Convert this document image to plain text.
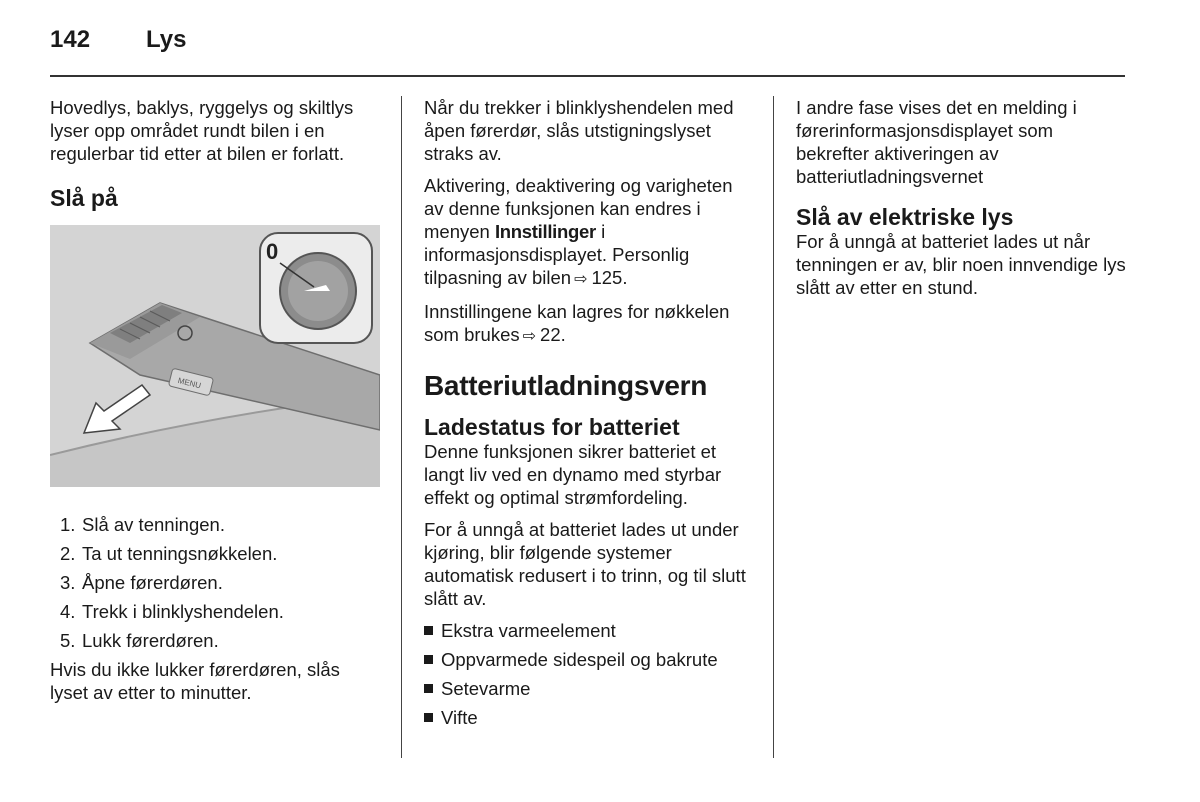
142 Lys

Hovedlys, baklys, ryggelys og skiltlys lyser opp området rundt bilen i en regulerbar tid etter at bilen er forlatt.

Slå på
MENU
0
1. Slå av tenningen.
2. Ta ut tenningsnøkkelen.
3. Åpne førerdøren.
4. Trekk i blinklyshendelen.
5. Lukk førerdøren.

Hvis du ikke lukker førerdøren, slås lyset av etter to minutter.

Når du trekker i blinklyshendelen med åpen førerdør, slås utstigningslyset straks av.

Aktivering, deaktivering og varigheten av denne funksjonen kan endres i menyen Innstillinger i informasjonsdisplayet. Personlig tilpasning av bilen ⇨ 125.

Innstillingene kan lagres for nøkkelen som brukes ⇨ 22.

Batteriutladningsvern
Ladestatus for batteriet

Denne funksjonen sikrer batteriet et langt liv ved en dynamo med styrbar effekt og optimal strømfordeling.

For å unngå at batteriet lades ut under kjøring, blir følgende systemer automatisk redusert i to trinn, og til slutt slått av.

Ekstra varmeelement
Oppvarmede sidespeil og bakrute
Setevarme
Vifte

I andre fase vises det en melding i førerinformasjonsdisplayet som bekrefter aktiveringen av batteriutladningsvernet

Slå av elektriske lys

For å unngå at batteriet lades ut når tenningen er av, blir noen innvendige lys slått av etter en stund.
